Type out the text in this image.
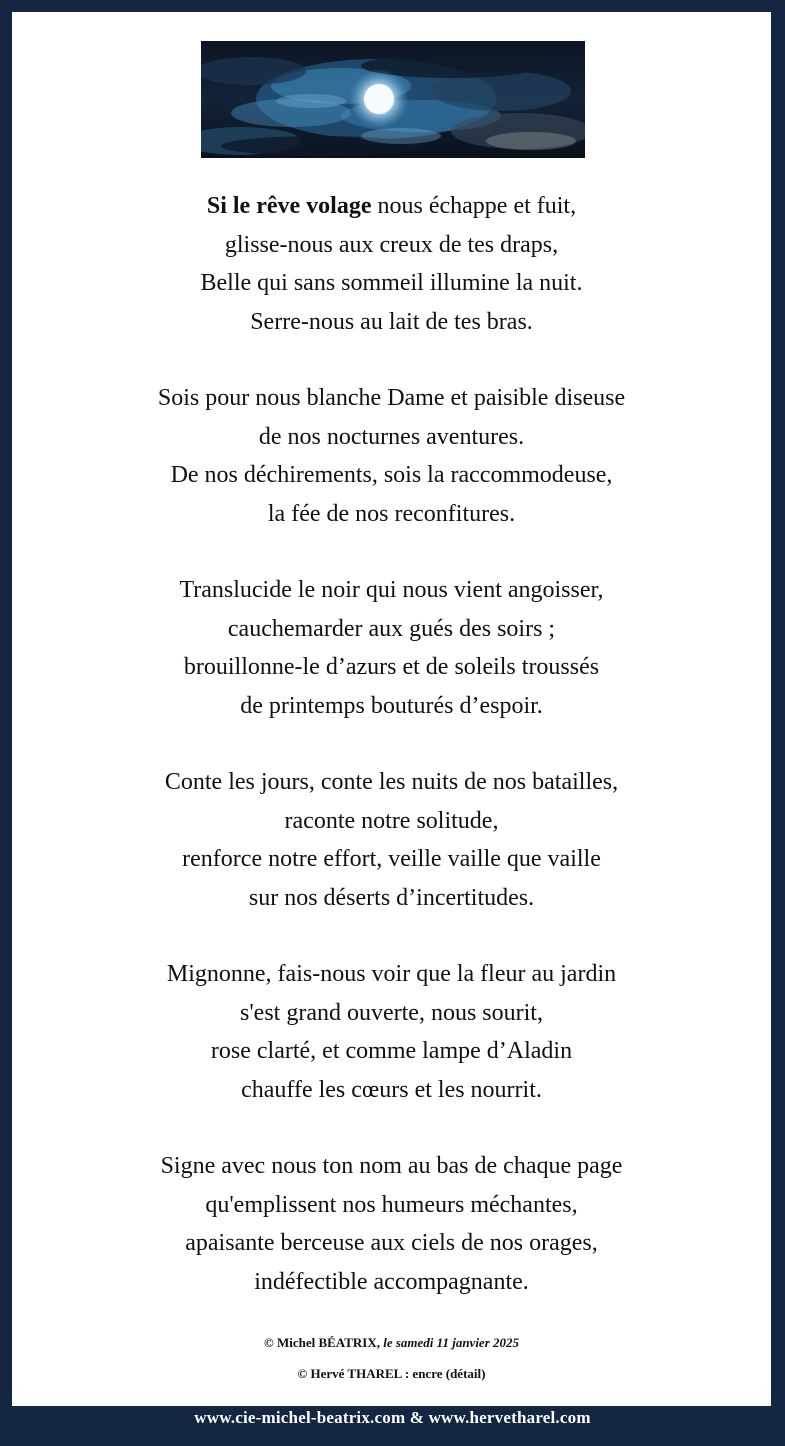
Si le rêve volage nous échappe et fuit,
glisse-nous aux creux de tes draps,
Belle qui sans sommeil illumine la nuit.
Serre-nous au lait de tes bras.
Sois pour nous blanche Dame et paisible diseuse
de nos nocturnes aventures.
De nos déchirements, sois la raccommodeuse,
la fée de nos reconfitures.
Translucide le noir qui nous vient angoisser,
cauchemarder aux gués des soirs ;
brouillonne-le d’azurs et de soleils troussés
de printemps bouturés d’espoir.
Conte les jours, conte les nuits de nos batailles,
raconte notre solitude,
renforce notre effort, veille vaille que vaille
sur nos déserts d’incertitudes.
Mignonne, fais-nous voir que la fleur au jardin
s'est grand ouverte, nous sourit,
rose clarté, et comme lampe d’Aladin
chauffe les cœurs et les nourrit.
Signe avec nous ton nom au bas de chaque page
qu'emplissent nos humeurs méchantes,
apaisante berceuse aux ciels de nos orages,
indéfectible accompagnante.
© Michel BÉATRIX, le samedi 11 janvier 2025
© Hervé THAREL : encre (détail)
www.cie-michel-beatrix.com & www.hervetharel.com
